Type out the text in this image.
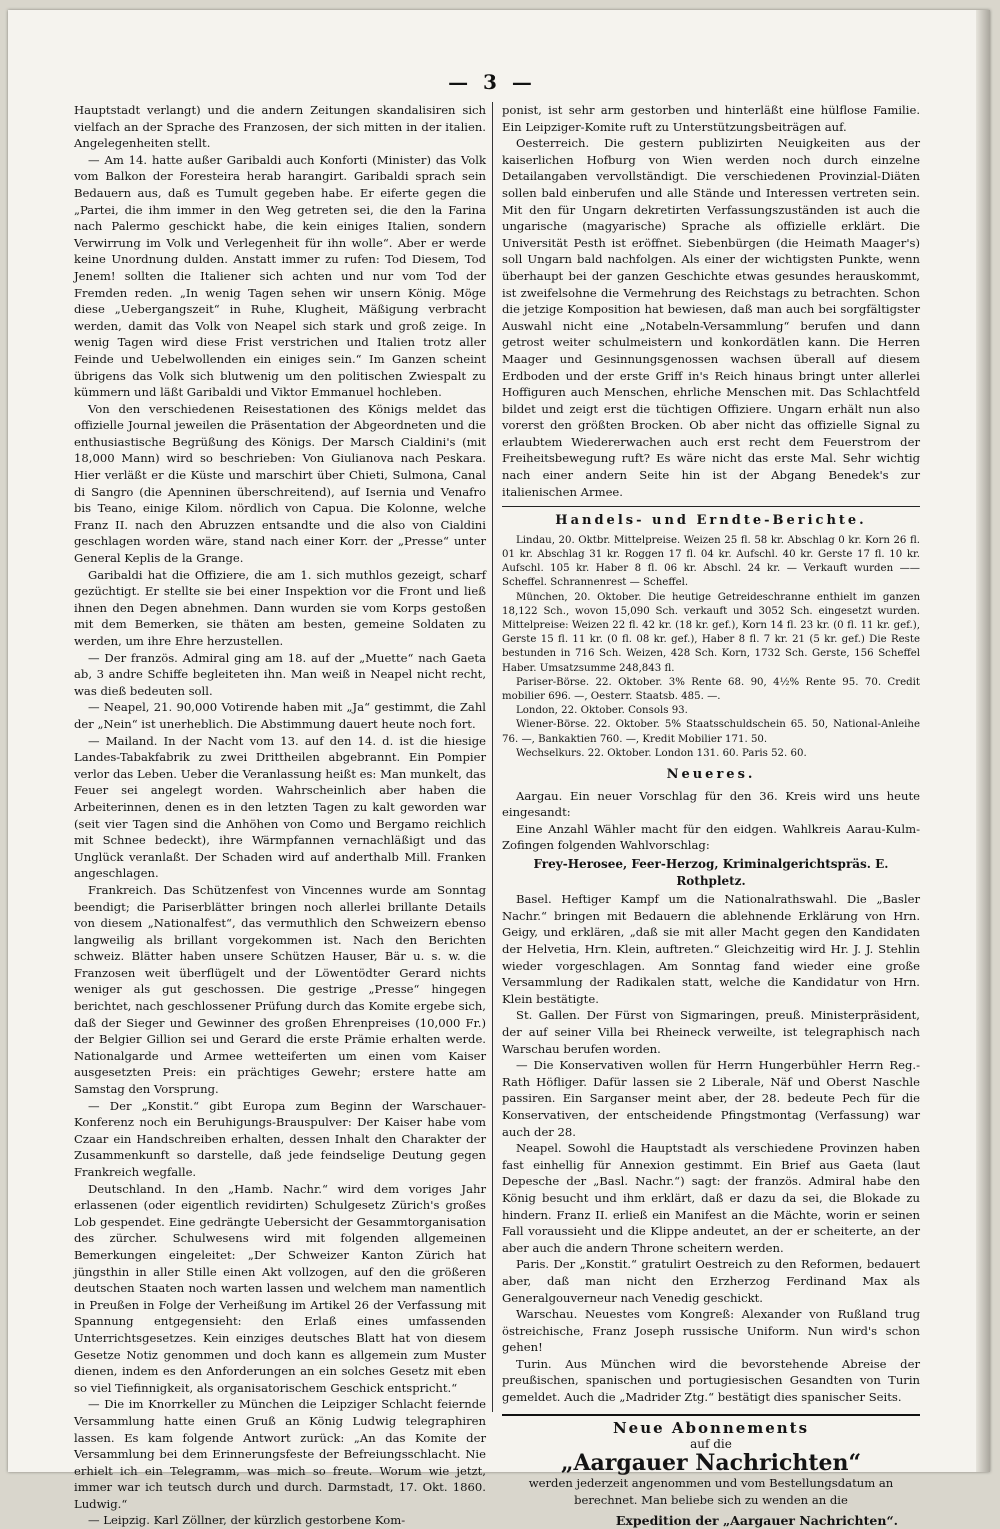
— 3 —

Hauptstadt verlangt) und die andern Zeitungen skandalisiren sich vielfach an der Sprache des Franzosen, der sich mitten in der italien. Angelegenheiten stellt.

— Am 14. hatte außer Garibaldi auch Konforti (Minister) das Volk vom Balkon der Foresteira herab harangirt. Garibaldi sprach sein Bedauern aus, daß es Tumult gegeben habe. Er eiferte gegen die „Partei, die ihm immer in den Weg getreten sei, die den la Farina nach Palermo geschickt habe, die kein einiges Italien, sondern Verwirrung im Volk und Verlegenheit für ihn wolle“. Aber er werde keine Unordnung dulden. Anstatt immer zu rufen: Tod Diesem, Tod Jenem! sollten die Italiener sich achten und nur vom Tod der Fremden reden. „In wenig Tagen sehen wir unsern König. Möge diese „Uebergangszeit“ in Ruhe, Klugheit, Mäßigung verbracht werden, damit das Volk von Neapel sich stark und groß zeige. In wenig Tagen wird diese Frist verstrichen und Italien trotz aller Feinde und Uebelwollenden ein einiges sein.“ Im Ganzen scheint übrigens das Volk sich blutwenig um den politischen Zwiespalt zu kümmern und läßt Garibaldi und Viktor Emmanuel hochleben.

Von den verschiedenen Reisestationen des Königs meldet das offizielle Journal jeweilen die Präsentation der Abgeordneten und die enthusiastische Begrüßung des Königs. Der Marsch Cialdini's (mit 18,000 Mann) wird so beschrieben: Von Giulianova nach Peskara. Hier verläßt er die Küste und marschirt über Chieti, Sulmona, Canal di Sangro (die Apenninen überschreitend), auf Isernia und Venafro bis Teano, einige Kilom. nördlich von Capua. Die Kolonne, welche Franz II. nach den Abruzzen entsandte und die also von Cialdini geschlagen worden wäre, stand nach einer Korr. der „Presse“ unter General Keplis de la Grange.

Garibaldi hat die Offiziere, die am 1. sich muthlos gezeigt, scharf gezüchtigt. Er stellte sie bei einer Inspektion vor die Front und ließ ihnen den Degen abnehmen. Dann wurden sie vom Korps gestoßen mit dem Bemerken, sie thäten am besten, gemeine Soldaten zu werden, um ihre Ehre herzustellen.

— Der französ. Admiral ging am 18. auf der „Muette“ nach Gaeta ab, 3 andre Schiffe begleiteten ihn. Man weiß in Neapel nicht recht, was dieß bedeuten soll.

— Neapel, 21. 90,000 Votirende haben mit „Ja“ gestimmt, die Zahl der „Nein“ ist unerheblich. Die Abstimmung dauert heute noch fort.

— Mailand. In der Nacht vom 13. auf den 14. d. ist die hiesige Landes-Tabakfabrik zu zwei Drittheilen abgebrannt. Ein Pompier verlor das Leben. Ueber die Veranlassung heißt es: Man munkelt, das Feuer sei angelegt worden. Wahrscheinlich aber haben die Arbeiterinnen, denen es in den letzten Tagen zu kalt geworden war (seit vier Tagen sind die Anhöhen von Como und Bergamo reichlich mit Schnee bedeckt), ihre Wärmpfannen vernachläßigt und das Unglück veranlaßt. Der Schaden wird auf anderthalb Mill. Franken angeschlagen.

Frankreich. Das Schützenfest von Vincennes wurde am Sonntag beendigt; die Pariserblätter bringen noch allerlei brillante Details von diesem „Nationalfest“, das vermuthlich den Schweizern ebenso langweilig als brillant vorgekommen ist. Nach den Berichten schweiz. Blätter haben unsere Schützen Hauser, Bär u. s. w. die Franzosen weit überflügelt und der Löwentödter Gerard nichts weniger als gut geschossen. Die gestrige „Presse“ hingegen berichtet, nach geschlossener Prüfung durch das Komite ergebe sich, daß der Sieger und Gewinner des großen Ehrenpreises (10,000 Fr.) der Belgier Gillion sei und Gerard die erste Prämie erhalten werde. Nationalgarde und Armee wetteiferten um einen vom Kaiser ausgesetzten Preis: ein prächtiges Gewehr; erstere hatte am Samstag den Vorsprung.

— Der „Konstit.“ gibt Europa zum Beginn der Warschauer-Konferenz noch ein Beruhigungs-Brauspulver: Der Kaiser habe vom Czaar ein Handschreiben erhalten, dessen Inhalt den Charakter der Zusammenkunft so darstelle, daß jede feindselige Deutung gegen Frankreich wegfalle.

Deutschland. In den „Hamb. Nachr.“ wird dem voriges Jahr erlassenen (oder eigentlich revidirten) Schulgesetz Zürich's großes Lob gespendet. Eine gedrängte Uebersicht der Gesammtorganisation des zürcher. Schulwesens wird mit folgenden allgemeinen Bemerkungen eingeleitet: „Der Schweizer Kanton Zürich hat jüngsthin in aller Stille einen Akt vollzogen, auf den die größeren deutschen Staaten noch warten lassen und welchem man namentlich in Preußen in Folge der Verheißung im Artikel 26 der Verfassung mit Spannung entgegensieht: den Erlaß eines umfassenden Unterrichtsgesetzes. Kein einziges deutsches Blatt hat von diesem Gesetze Notiz genommen und doch kann es allgemein zum Muster dienen, indem es den Anforderungen an ein solches Gesetz mit eben so viel Tiefinnigkeit, als organisatorischem Geschick entspricht.“

— Die im Knorrkeller zu München die Leipziger Schlacht feiernde Versammlung hatte einen Gruß an König Ludwig telegraphiren lassen. Es kam folgende Antwort zurück: „An das Komite der Versammlung bei dem Erinnerungsfeste der Befreiungsschlacht. Nie erhielt ich ein Telegramm, was mich so freute. Worum wie jetzt, immer war ich teutsch durch und durch. Darmstadt, 17. Okt. 1860. Ludwig.“

— Leipzig. Karl Zöllner, der kürzlich gestorbene Kom-

ponist, ist sehr arm gestorben und hinterläßt eine hülflose Familie. Ein Leipziger-Komite ruft zu Unterstützungsbeiträgen auf.

Oesterreich. Die gestern publizirten Neuigkeiten aus der kaiserlichen Hofburg von Wien werden noch durch einzelne Detailangaben vervollständigt. Die verschiedenen Provinzial-Diäten sollen bald einberufen und alle Stände und Interessen vertreten sein. Mit den für Ungarn dekretirten Verfassungszuständen ist auch die ungarische (magyarische) Sprache als offizielle erklärt. Die Universität Pesth ist eröffnet. Siebenbürgen (die Heimath Maager's) soll Ungarn bald nachfolgen. Als einer der wichtigsten Punkte, wenn überhaupt bei der ganzen Geschichte etwas gesundes herauskommt, ist zweifelsohne die Vermehrung des Reichstags zu betrachten. Schon die jetzige Komposition hat bewiesen, daß man auch bei sorgfältigster Auswahl nicht eine „Notabeln-Versammlung“ berufen und dann getrost weiter schulmeistern und konkordätlen kann. Die Herren Maager und Gesinnungsgenossen wachsen überall auf diesem Erdboden und der erste Griff in's Reich hinaus bringt unter allerlei Hoffiguren auch Menschen, ehrliche Menschen mit. Das Schlachtfeld bildet und zeigt erst die tüchtigen Offiziere. Ungarn erhält nun also vorerst den größten Brocken. Ob aber nicht das offizielle Signal zu erlaubtem Wiedererwachen auch erst recht dem Feuerstrom der Freiheitsbewegung ruft? Es wäre nicht das erste Mal. Sehr wichtig nach einer andern Seite hin ist der Abgang Benedek's zur italienischen Armee.

Handels- und Erndte-Berichte.

Lindau, 20. Oktbr. Mittelpreise. Weizen 25 fl. 58 kr. Abschlag 0 kr. Korn 26 fl. 01 kr. Abschlag 31 kr. Roggen 17 fl. 04 kr. Aufschl. 40 kr. Gerste 17 fl. 10 kr. Aufschl. 105 kr. Haber 8 fl. 06 kr. Abschl. 24 kr. — Verkauft wurden —— Scheffel. Schrannenrest — Scheffel.

München, 20. Oktober. Die heutige Getreideschranne enthielt im ganzen 18,122 Sch., wovon 15,090 Sch. verkauft und 3052 Sch. eingesetzt wurden. Mittelpreise: Weizen 22 fl. 42 kr. (18 kr. gef.), Korn 14 fl. 23 kr. (0 fl. 11 kr. gef.), Gerste 15 fl. 11 kr. (0 fl. 08 kr. gef.), Haber 8 fl. 7 kr. 21 (5 kr. gef.) Die Reste bestunden in 716 Sch. Weizen, 428 Sch. Korn, 1732 Sch. Gerste, 156 Scheffel Haber. Umsatzsumme 248,843 fl.

Pariser-Börse. 22. Oktober. 3% Rente 68. 90, 4½% Rente 95. 70. Credit mobilier 696. —, Oesterr. Staatsb. 485. —.

London, 22. Oktober. Consols 93.

Wiener-Börse. 22. Oktober. 5% Staatsschuldschein 65. 50, National-Anleihe 76. —, Bankaktien 760. —, Kredit Mobilier 171. 50.

Wechselkurs. 22. Oktober. London 131. 60. Paris 52. 60.

Neueres.

Aargau. Ein neuer Vorschlag für den 36. Kreis wird uns heute eingesandt:

Eine Anzahl Wähler macht für den eidgen. Wahlkreis Aarau-Kulm-Zofingen folgenden Wahlvorschlag:

Frey-Herosee, Feer-Herzog, Kriminalgerichtspräs. E. Rothpletz.

Basel. Heftiger Kampf um die Nationalrathswahl. Die „Basler Nachr.“ bringen mit Bedauern die ablehnende Erklärung von Hrn. Geigy, und erklären, „daß sie mit aller Macht gegen den Kandidaten der Helvetia, Hrn. Klein, auftreten.“ Gleichzeitig wird Hr. J. J. Stehlin wieder vorgeschlagen. Am Sonntag fand wieder eine große Versammlung der Radikalen statt, welche die Kandidatur von Hrn. Klein bestätigte.

St. Gallen. Der Fürst von Sigmaringen, preuß. Ministerpräsident, der auf seiner Villa bei Rheineck verweilte, ist telegraphisch nach Warschau berufen worden.

— Die Konservativen wollen für Herrn Hungerbühler Herrn Reg.-Rath Höfliger. Dafür lassen sie 2 Liberale, Näf und Oberst Naschle passiren. Ein Sarganser meint aber, der 28. bedeute Pech für die Konservativen, der entscheidende Pfingstmontag (Verfassung) war auch der 28.

Neapel. Sowohl die Hauptstadt als verschiedene Provinzen haben fast einhellig für Annexion gestimmt. Ein Brief aus Gaeta (laut Depesche der „Basl. Nachr.“) sagt: der französ. Admiral habe den König besucht und ihm erklärt, daß er dazu da sei, die Blokade zu hindern. Franz II. erließ ein Manifest an die Mächte, worin er seinen Fall voraussieht und die Klippe andeutet, an der er scheiterte, an der aber auch die andern Throne scheitern werden.

Paris. Der „Konstit.“ gratulirt Oestreich zu den Reformen, bedauert aber, daß man nicht den Erzherzog Ferdinand Max als Generalgouverneur nach Venedig geschickt.

Warschau. Neuestes vom Kongreß: Alexander von Rußland trug östreichische, Franz Joseph russische Uniform. Nun wird's schon gehen!

Turin. Aus München wird die bevorstehende Abreise der preußischen, spanischen und portugiesischen Gesandten von Turin gemeldet. Auch die „Madrider Ztg.“ bestätigt dies spanischer Seits.

Neue Abonnements
auf die
„Aargauer Nachrichten“
werden jederzeit angenommen und vom Bestellungsdatum an berechnet. Man beliebe sich zu wenden an die
Expedition der „Aargauer Nachrichten“.
